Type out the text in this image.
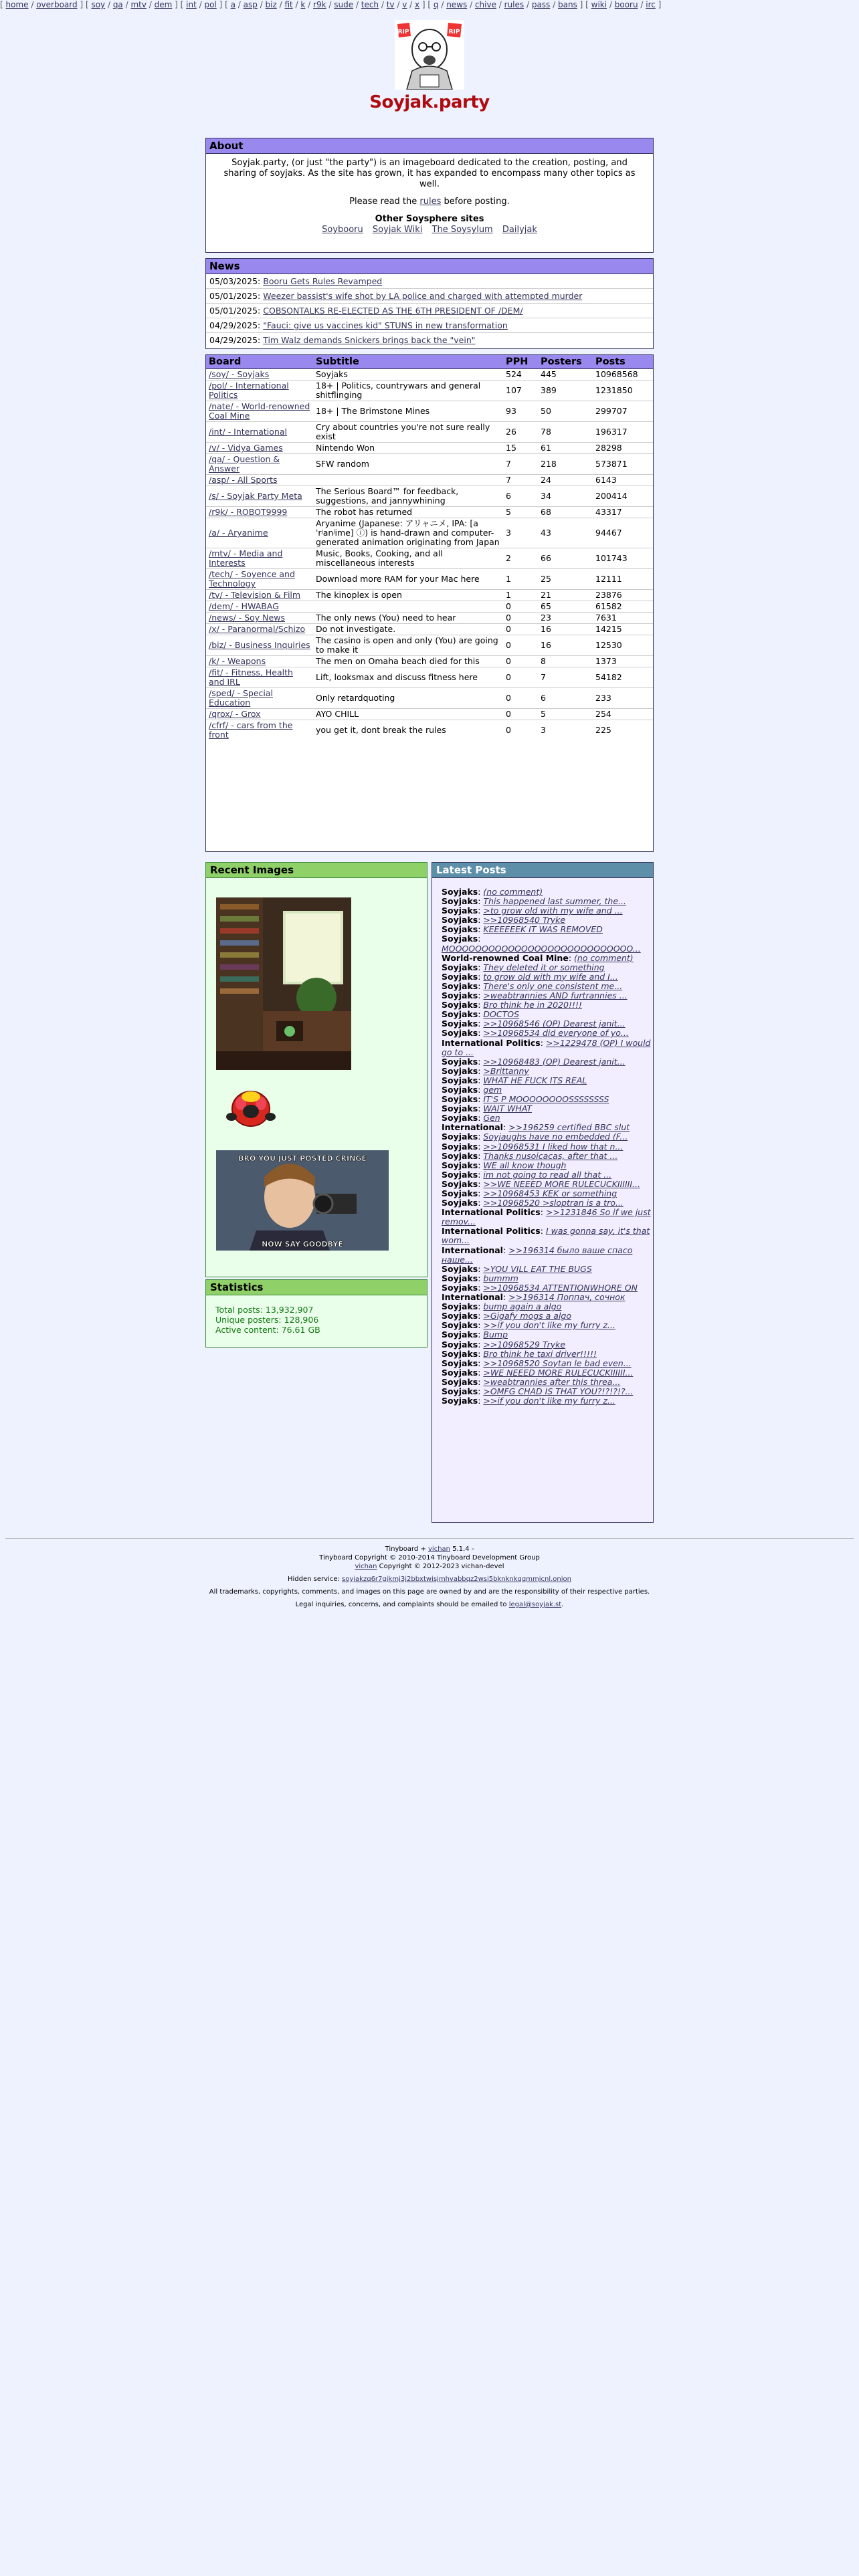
[ home / overboard ] [ soy / qa / mtv / dem ] [ int / pol ] [ a / asp / biz / fit / k / r9k / sude / tech / tv / v / x ] [ q / news / chive / rules / pass / bans ] [ wiki / booru / irc ]
RIP	RIP
Soyjak.party
About

Soyjak.party, (or just "the party") is an imageboard dedicated to the creation, posting, and sharing of soyjaks. As the site has grown, it has expanded to encompass many other topics as well.

Please read the rules before posting.

Other Soysphere sites

Soybooru Soyjak Wiki The Soysylum Dailyjak
News
05/03/2025: Booru Gets Rules Revamped
05/01/2025: Weezer bassist's wife shot by LA police and charged with attempted murder
05/01/2025: COBSONTALKS RE-ELECTED AS THE 6TH PRESIDENT OF /DEM/
04/29/2025: "Fauci: give us vaccines kid" STUNS in new transformation
04/29/2025: Tim Walz demands Snickers brings back the "vein"
Board	Subtitle	PPH	Posters	Posts
/soy/ - Soyjaks	Soyjaks	524	445	10968568
/pol/ - International Politics	18+ | Politics, countrywars and general shitflinging	107	389	1231850
/nate/ - World-renowned Coal Mine	18+ | The Brimstone Mines	93	50	299707
/int/ - International	Cry about countries you're not sure really exist	26	78	196317
/v/ - Vidya Games	Nintendo Won	15	61	28298
/qa/ - Question & Answer	SFW random	7	218	573871
/asp/ - All Sports		7	24	6143
/s/ - Soyjak Party Meta	The Serious Board™ for feedback, suggestions, and jannywhining	6	34	200414
/r9k/ - ROBOT9999	The robot has returned	5	68	43317
/a/ - Aryanime	Aryanime (Japanese: アリャニメ, IPA: [aˈrʲanʲime] ⓘ) is hand-drawn and computer-generated animation originating from Japan	3	43	94467
/mtv/ - Media and Interests	Music, Books, Cooking, and all miscellaneous interests	2	66	101743
/tech/ - Soyence and Technology	Download more RAM for your Mac here	1	25	12111
/tv/ - Television & Film	The kinoplex is open	1	21	23876
/dem/ - HWABAG		0	65	61582
/news/ - Soy News	The only news (You) need to hear	0	23	7631
/x/ - Paranormal/Schizo	Do not investigate.	0	16	14215
/biz/ - Business Inquiries	The casino is open and only (You) are going to make it	0	16	12530
/k/ - Weapons	The men on Omaha beach died for this	0	8	1373
/fit/ - Fitness, Health and IRL	Lift, looksmax and discuss fitness here	0	7	54182
/sped/ - Special Education	Only retardquoting	0	6	233
/qrox/ - Grox	AYO CHILL	0	5	254
/cfrf/ - cars from the front	you get it, dont break the rules	0	3	225
Recent Images
BRO YOU JUST POSTED CRINGE
NOW SAY GOODBYE
Statistics
Total posts: 13,932,907
Unique posters: 128,906
Active content: 76.61 GB
Latest Posts
Soyjaks: (no comment)
Soyjaks: This happened last summer, the...
Soyjaks: >to grow old with my wife and ...
Soyjaks: >>10968540 Tryke
Soyjaks: KEEEEEEK IT WAS REMOVED
Soyjaks: MOOOOOOOOOOOOOOOOOOOOOOOOOOOO...
World-renowned Coal Mine: (no comment)
Soyjaks: They deleted it or something
Soyjaks: to grow old with my wife and I...
Soyjaks: There's only one consistent me...
Soyjaks: >weabtrannies AND furtrannies ...
Soyjaks: Bro think he in 2020!!!!
Soyjaks: DOCTOS
Soyjaks: >>10968546 (OP) Dearest janit...
Soyjaks: >>10968534 did everyone of yo...
International Politics: >>1229478 (OP) I would go to ...
Soyjaks: >>10968483 (OP) Dearest janit...
Soyjaks: >Brittanny
Soyjaks: WHAT HE FUCK ITS REAL
Soyjaks: gem
Soyjaks: IT'S P MOOOOOOOOSSSSSSSS
Soyjaks: WAIT WHAT
Soyjaks: Gen
International: >>196259 certified BBC slut
Soyjaks: Soyjaughs have no embedded (F...
Soyjaks: >>10968531 I liked how that n...
Soyjaks: Thanks nusoicacas, after that ...
Soyjaks: WE all know though
Soyjaks: im not going to read all that ...
Soyjaks: >>WE NEEED MORE RULECUCKIIIIII...
Soyjaks: >>10968453 KEK or something
Soyjaks: >>10968520 >sloptran is a tro...
International Politics: >>1231846 So if we just remov...
International Politics: I was gonna say, it's that wom...
International: >>196314 было ваше спасо наше...
Soyjaks: >YOU VILL EAT THE BUGS
Soyjaks: bummm
Soyjaks: >>10968534 ATTENTIONWHORE ON
International: >>196314 Поппач, сочнок
Soyjaks: bump again a algo
Soyjaks: >Gigafy mogs a algo
Soyjaks: >>if you don't like my furry z...
Soyjaks: Bump
Soyjaks: >>10968529 Tryke
Soyjaks: Bro think he taxi driver!!!!!
Soyjaks: >>10968520 Soytan le bad even...
Soyjaks: >WE NEEED MORE RULECUCKIIIIII...
Soyjaks: >weabtrannies after this threa...
Soyjaks: >OMFG CHAD IS THAT YOU?!?!?!?...
Soyjaks: >>if you don't like my furry z...
Tinyboard + vichan 5.1.4 -
Tinyboard Copyright © 2010-2014 Tinyboard Development Group

vichan Copyright © 2012-2023 vichan-devel

Hidden service: soyjakzq6r7gjkmj3j2bbxtwisjmhvabbqz2wsi5bknknkqqmmjcnl.onion

All trademarks, copyrights, comments, and images on this page are owned by and are the responsibility of their respective parties.

Legal inquiries, concerns, and complaints should be emailed to legal@soyjak.st.
